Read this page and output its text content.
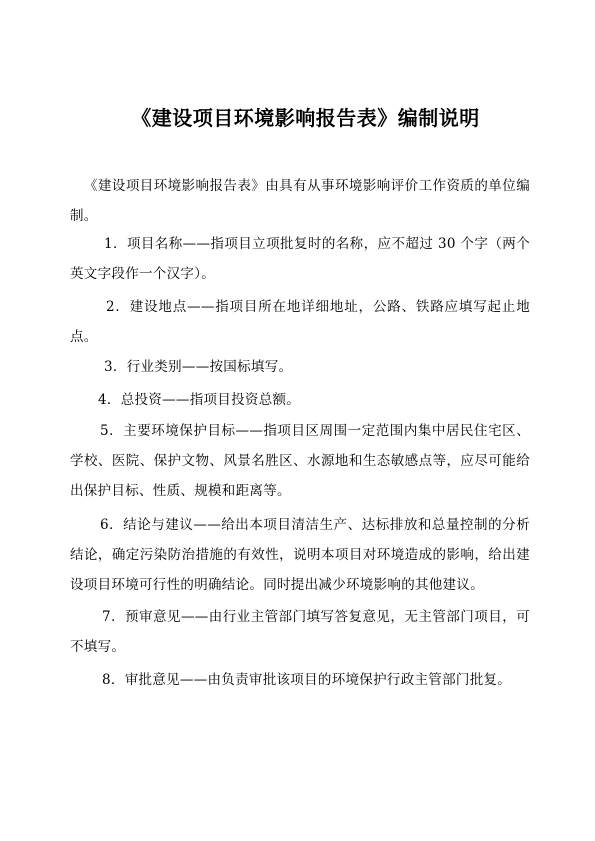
《建设项目环境影响报告表》编制说明

《建设项目环境影响报告表》由具有从事环境影响评价工作资质的单位编制。

1．项目名称——指项目立项批复时的名称，应不超过 30 个字（两个英文字段作一个汉字）。

2．建设地点——指项目所在地详细地址，公路、铁路应填写起止地点。

3．行业类别——按国标填写。

4．总投资——指项目投资总额。

5．主要环境保护目标——指项目区周围一定范围内集中居民住宅区、学校、医院、保护文物、风景名胜区、水源地和生态敏感点等，应尽可能给出保护目标、性质、规模和距离等。

6．结论与建议——给出本项目清洁生产、达标排放和总量控制的分析结论，确定污染防治措施的有效性，说明本项目对环境造成的影响，给出建设项目环境可行性的明确结论。同时提出减少环境影响的其他建议。

7．预审意见——由行业主管部门填写答复意见，无主管部门项目，可不填写。

8．审批意见——由负责审批该项目的环境保护行政主管部门批复。
